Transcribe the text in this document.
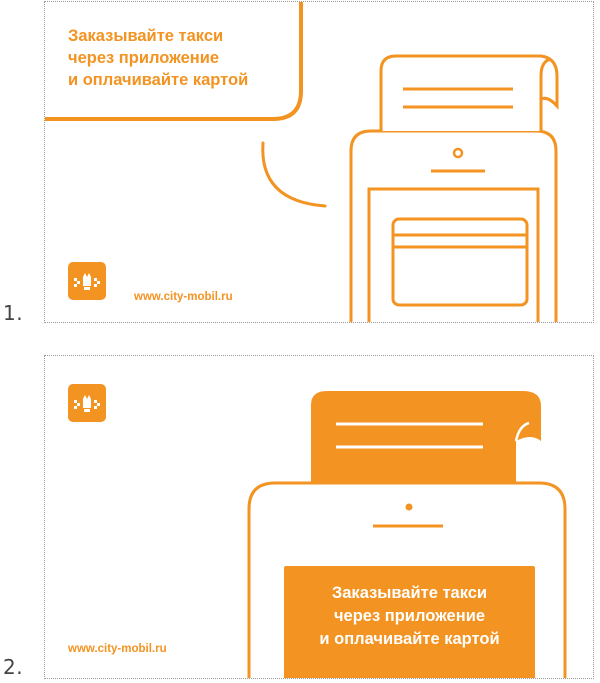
1.
2.
Заказывайте такси
через приложение
и оплачивайте картой
www.city-mobil.ru
Заказывайте такси
через приложение
и оплачивайте картой
www.city-mobil.ru
